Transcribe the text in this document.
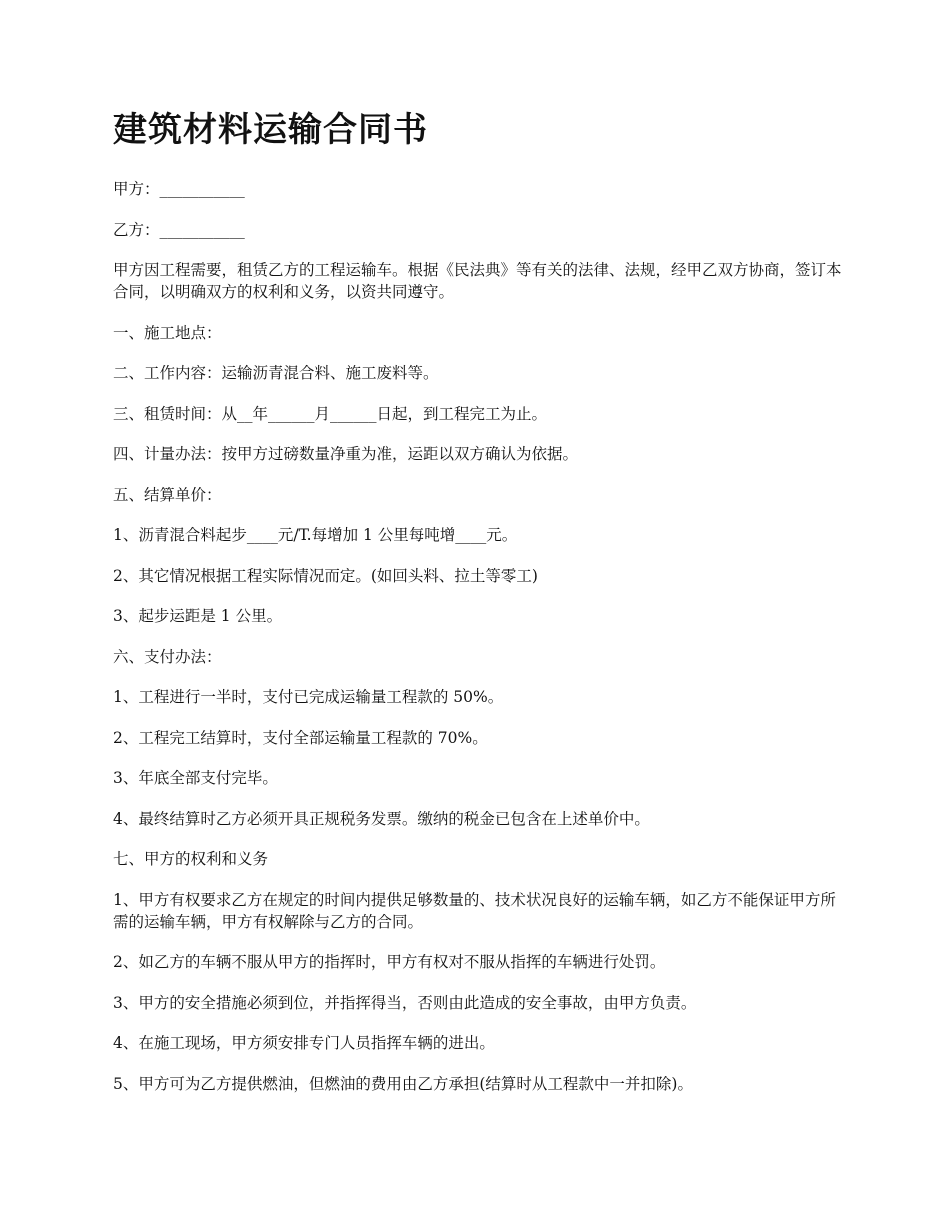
建筑材料运输合同书

甲方：___________

乙方：___________

甲方因工程需要，租赁乙方的工程运输车。根据《民法典》等有关的法律、法规，经甲乙双方协商，签订本合同，以明确双方的权利和义务，以资共同遵守。

一、施工地点：

二、工作内容：运输沥青混合料、施工废料等。

三、租赁时间：从__年______月______日起，到工程完工为止。

四、计量办法：按甲方过磅数量净重为准，运距以双方确认为依据。

五、结算单价：

1、沥青混合料起步____元/T.每增加 1 公里每吨增____元。

2、其它情况根据工程实际情况而定。(如回头料、拉土等零工)

3、起步运距是 1 公里。

六、支付办法：

1、工程进行一半时，支付已完成运输量工程款的 50%。

2、工程完工结算时，支付全部运输量工程款的 70%。

3、年底全部支付完毕。

4、最终结算时乙方必须开具正规税务发票。缴纳的税金已包含在上述单价中。

七、甲方的权利和义务

1、甲方有权要求乙方在规定的时间内提供足够数量的、技术状况良好的运输车辆，如乙方不能保证甲方所需的运输车辆，甲方有权解除与乙方的合同。

2、如乙方的车辆不服从甲方的指挥时，甲方有权对不服从指挥的车辆进行处罚。

3、甲方的安全措施必须到位，并指挥得当，否则由此造成的安全事故，由甲方负责。

4、在施工现场，甲方须安排专门人员指挥车辆的进出。

5、甲方可为乙方提供燃油，但燃油的费用由乙方承担(结算时从工程款中一并扣除)。
